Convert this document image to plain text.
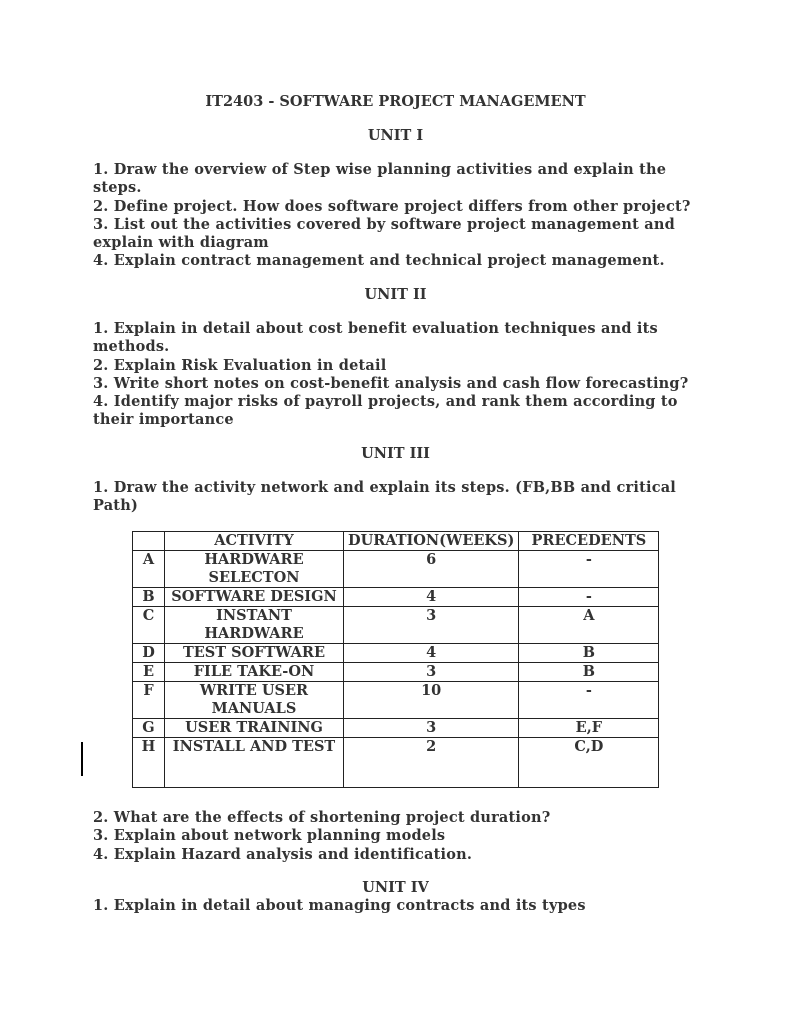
IT2403 - SOFTWARE PROJECT MANAGEMENT
UNIT I

1. Draw the overview of Step wise planning activities and explain the steps.

2. Define project. How does software project differs from other project?

3. List out the activities covered by software project management and explain with diagram

4. Explain contract management and technical project management.

UNIT II

1. Explain in detail about cost benefit evaluation techniques and its methods.

2. Explain Risk Evaluation in detail

3. Write short notes on cost-benefit analysis and cash flow forecasting?

4. Identify major risks of payroll projects, and rank them according to their importance

UNIT III

1. Draw the activity network and explain its steps. (FB,BB and critical Path)

	ACTIVITY	DURATION(WEEKS)	PRECEDENTS
A	HARDWARE SELECTON	6	-
B	SOFTWARE DESIGN	4	-
C	INSTANT HARDWARE	3	A
D	TEST SOFTWARE	4	B
E	FILE TAKE-ON	3	B
F	WRITE USER MANUALS	10	-
G	USER TRAINING	3	E,F
H	INSTALL AND TEST	2	C,D

2. What are the effects of shortening project duration?

3. Explain about network planning models

4. Explain Hazard analysis and identification.

UNIT IV

1. Explain in detail about managing contracts and its types
